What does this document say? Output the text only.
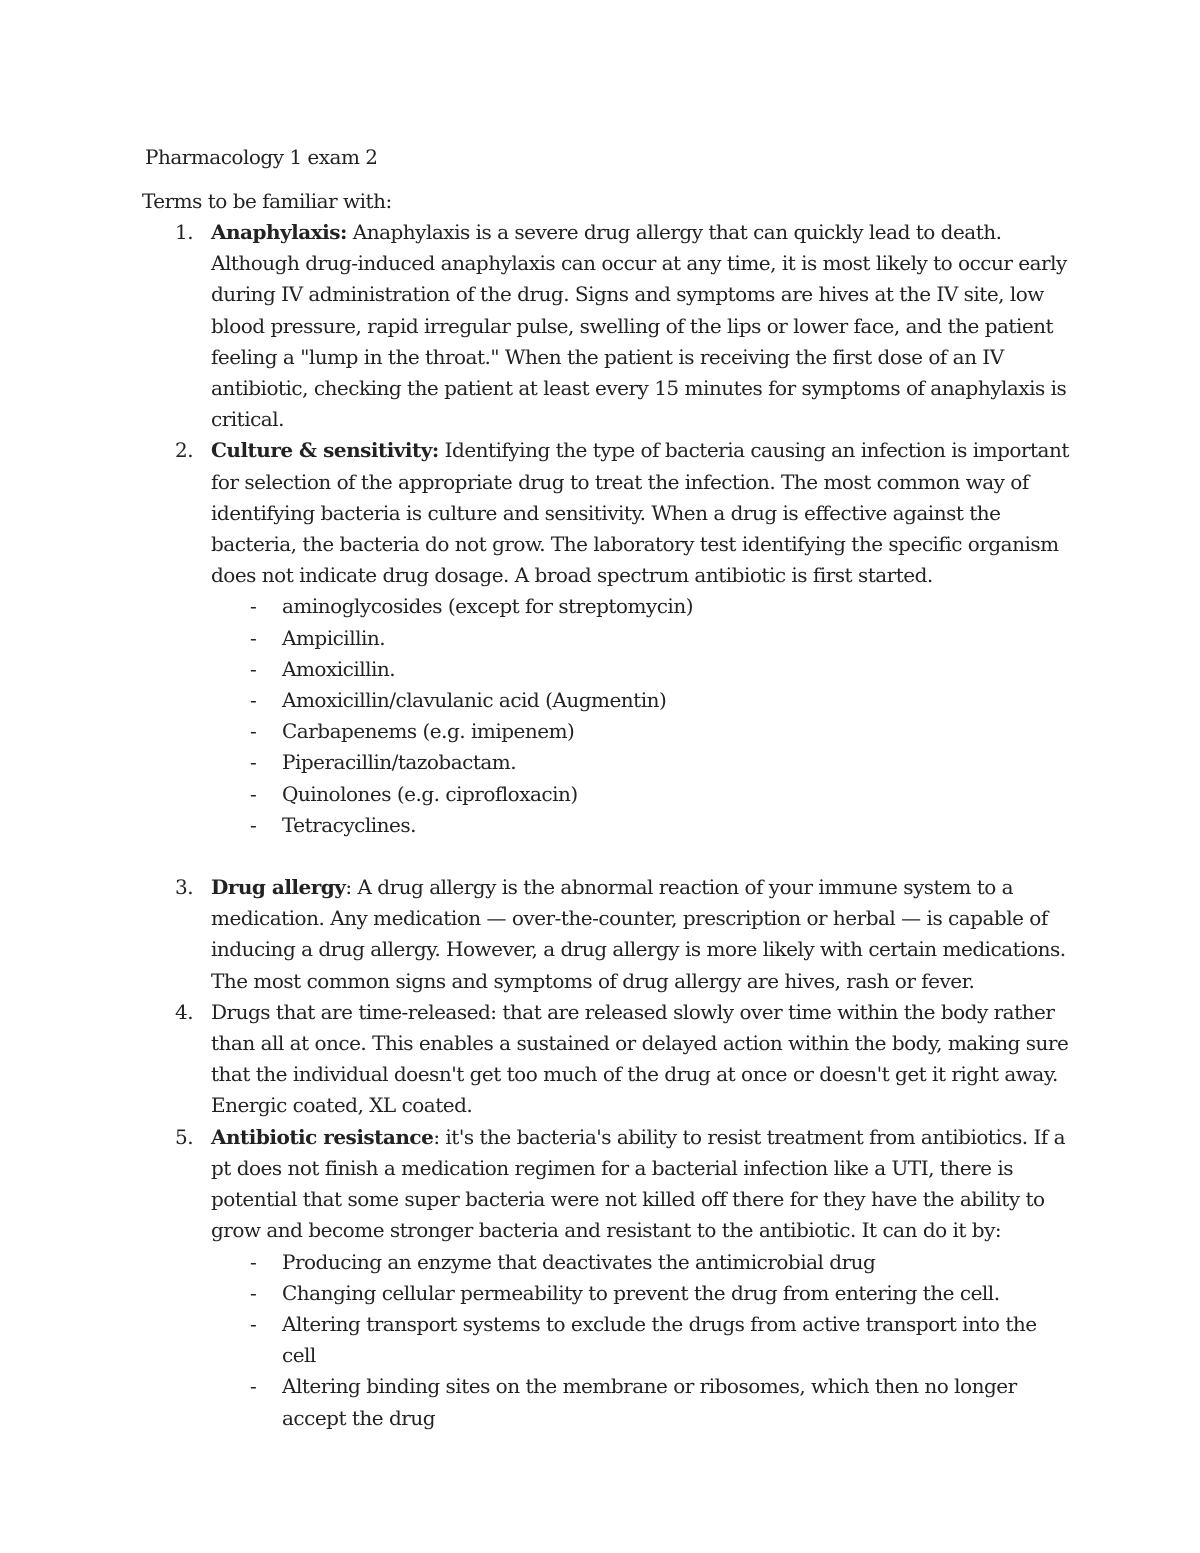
Pharmacology 1 exam 2

Terms to be familiar with:

1. Anaphylaxis: Anaphylaxis is a severe drug allergy that can quickly lead to death. Although drug-induced anaphylaxis can occur at any time, it is most likely to occur early during IV administration of the drug. Signs and symptoms are hives at the IV site, low blood pressure, rapid irregular pulse, swelling of the lips or lower face, and the patient feeling a "lump in the throat." When the patient is receiving the first dose of an IV antibiotic, checking the patient at least every 15 minutes for symptoms of anaphylaxis is critical.
2. Culture & sensitivity: Identifying the type of bacteria causing an infection is important for selection of the appropriate drug to treat the infection. The most common way of identifying bacteria is culture and sensitivity. When a drug is effective against the bacteria, the bacteria do not grow. The laboratory test identifying the specific organism does not indicate drug dosage. A broad spectrum antibiotic is first started.
- aminoglycosides (except for streptomycin)
- Ampicillin.
- Amoxicillin.
- Amoxicillin/clavulanic acid (Augmentin)
- Carbapenems (e.g. imipenem)
- Piperacillin/tazobactam.
- Quinolones (e.g. ciprofloxacin)
- Tetracyclines.
3. Drug allergy: A drug allergy is the abnormal reaction of your immune system to a medication. Any medication — over-the-counter, prescription or herbal — is capable of inducing a drug allergy. However, a drug allergy is more likely with certain medications. The most common signs and symptoms of drug allergy are hives, rash or fever.
4. Drugs that are time-released: that are released slowly over time within the body rather than all at once. This enables a sustained or delayed action within the body, making sure that the individual doesn't get too much of the drug at once or doesn't get it right away. Energic coated, XL coated.
5. Antibiotic resistance: it's the bacteria's ability to resist treatment from antibiotics. If a pt does not finish a medication regimen for a bacterial infection like a UTI, there is potential that some super bacteria were not killed off there for they have the ability to grow and become stronger bacteria and resistant to the antibiotic. It can do it by:
- Producing an enzyme that deactivates the antimicrobial drug
- Changing cellular permeability to prevent the drug from entering the cell.
- Altering transport systems to exclude the drugs from active transport into the cell
- Altering binding sites on the membrane or ribosomes, which then no longer accept the drug
